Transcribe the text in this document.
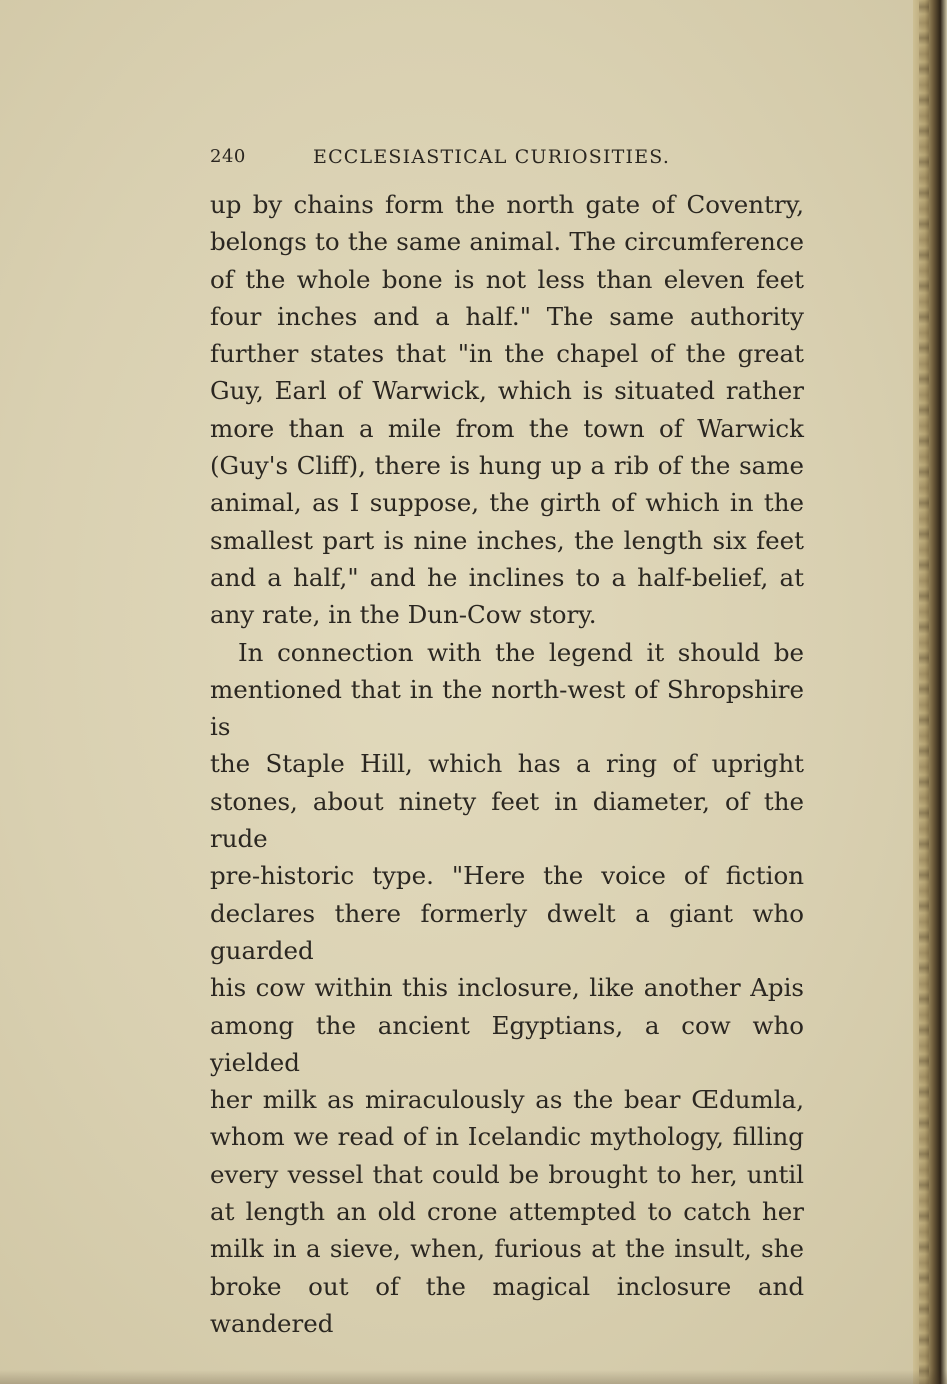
240	ECCLESIASTICAL CURIOSITIES.

up by chains form the north gate of Coventry,

belongs to the same animal. The circumference

of the whole bone is not less than eleven feet

four inches and a half." The same authority

further states that "in the chapel of the great

Guy, Earl of Warwick, which is situated rather

more than a mile from the town of Warwick

(Guy's Cliff), there is hung up a rib of the same

animal, as I suppose, the girth of which in the

smallest part is nine inches, the length six feet

and a half," and he inclines to a half-belief, at

any rate, in the Dun-Cow story.

In connection with the legend it should be

mentioned that in the north-west of Shropshire is

the Staple Hill, which has a ring of upright

stones, about ninety feet in diameter, of the rude

pre-historic type. "Here the voice of fiction

declares there formerly dwelt a giant who guarded

his cow within this inclosure, like another Apis

among the ancient Egyptians, a cow who yielded

her milk as miraculously as the bear Œdumla,

whom we read of in Icelandic mythology, filling

every vessel that could be brought to her, until

at length an old crone attempted to catch her

milk in a sieve, when, furious at the insult, she

broke out of the magical inclosure and wandered
